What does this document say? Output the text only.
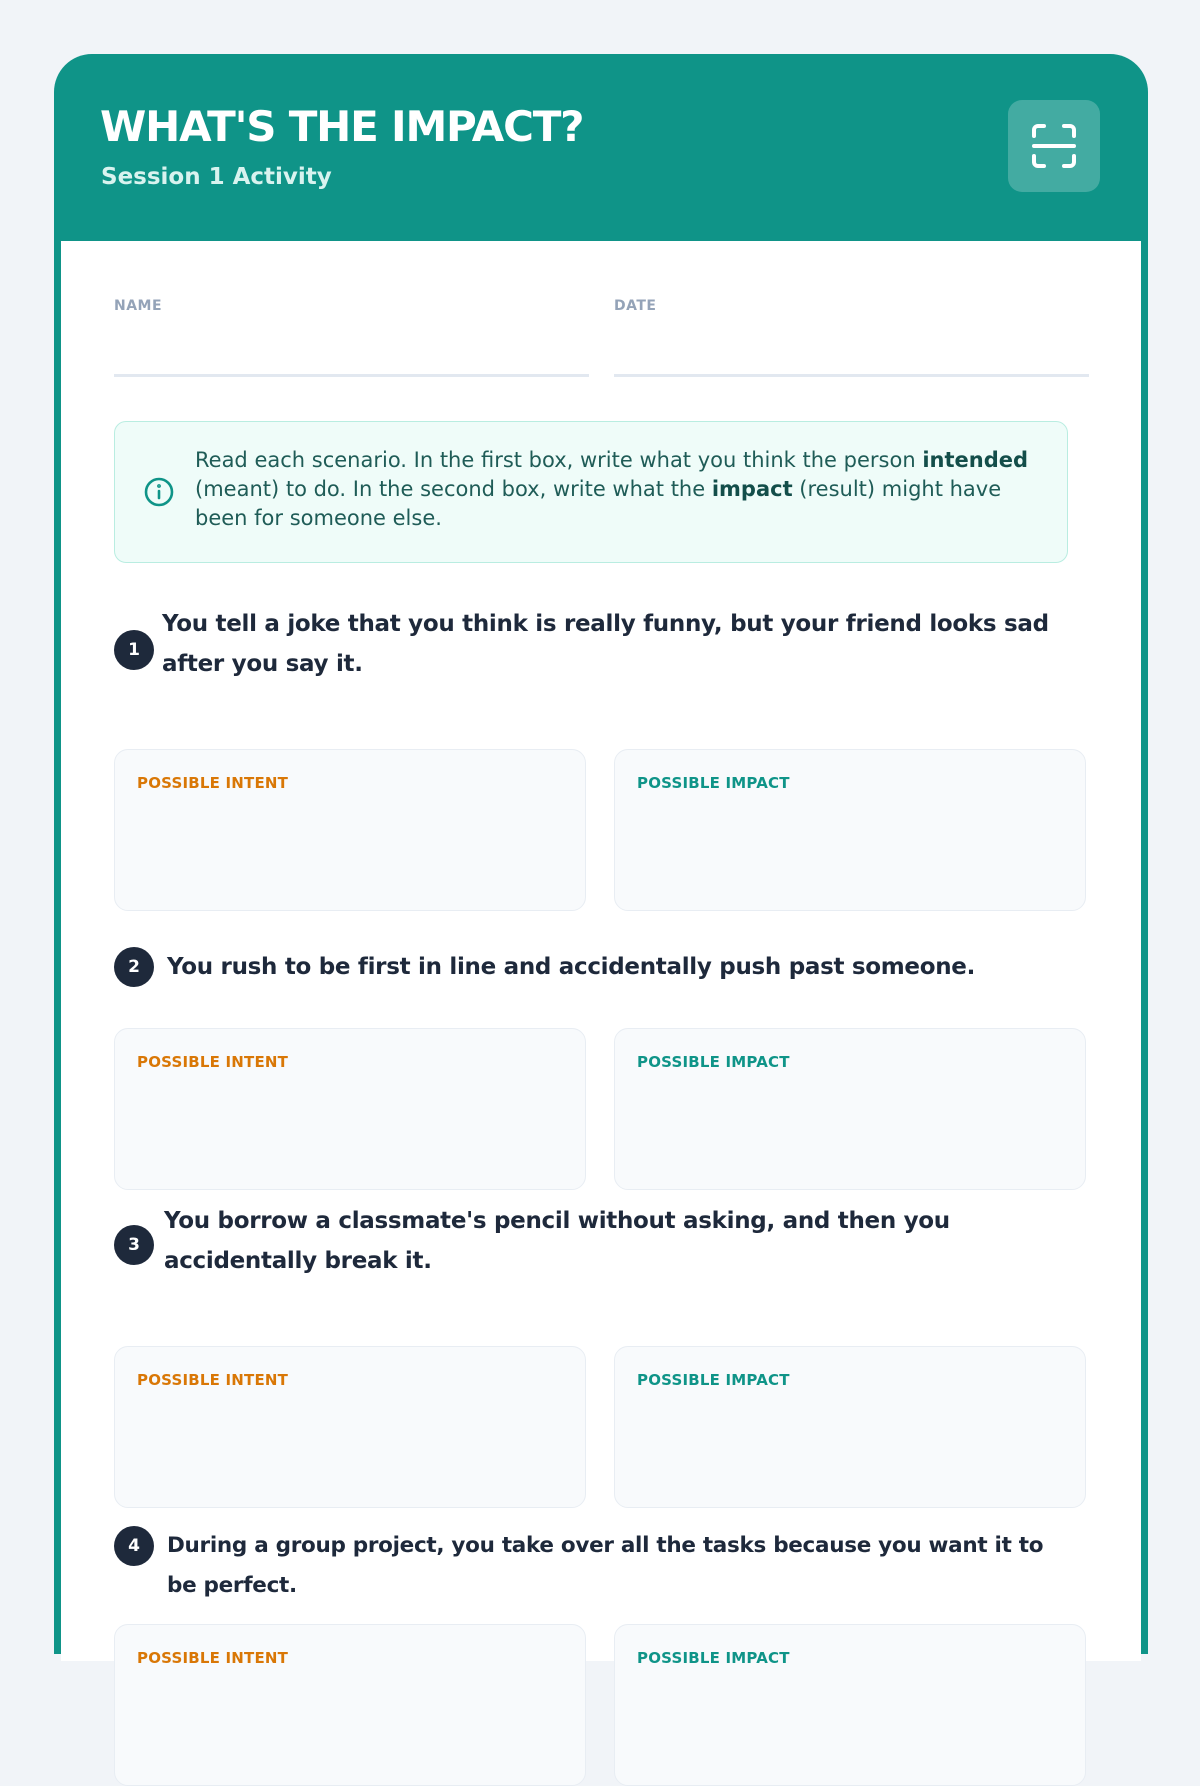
WHAT'S THE IMPACT?
Session 1 Activity
NAME	DATE
Read each scenario. In the first box, write what you think the person intended (meant) to do. In the second box, write what the impact (result) might have been for someone else.
1
You tell a joke that you think is really funny, but your friend looks sad after you say it.
POSSIBLE INTENT	POSSIBLE IMPACT
2	You rush to be first in line and accidentally push past someone.
POSSIBLE INTENT	POSSIBLE IMPACT
3
You borrow a classmate's pencil without asking, and then you accidentally break it.
POSSIBLE INTENT	POSSIBLE IMPACT
4	During a group project, you take over all the tasks because you want it to be perfect.
POSSIBLE INTENT	POSSIBLE IMPACT
